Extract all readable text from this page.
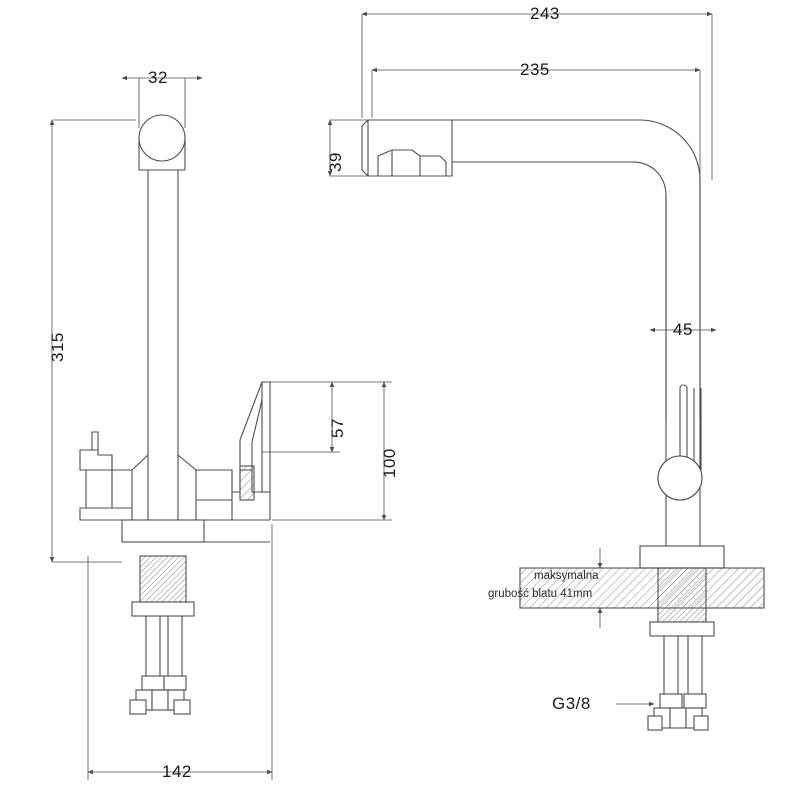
243
235
32
39
315
57
100
45
142
maksymalna
grubość blatu 41mm
G3/8
